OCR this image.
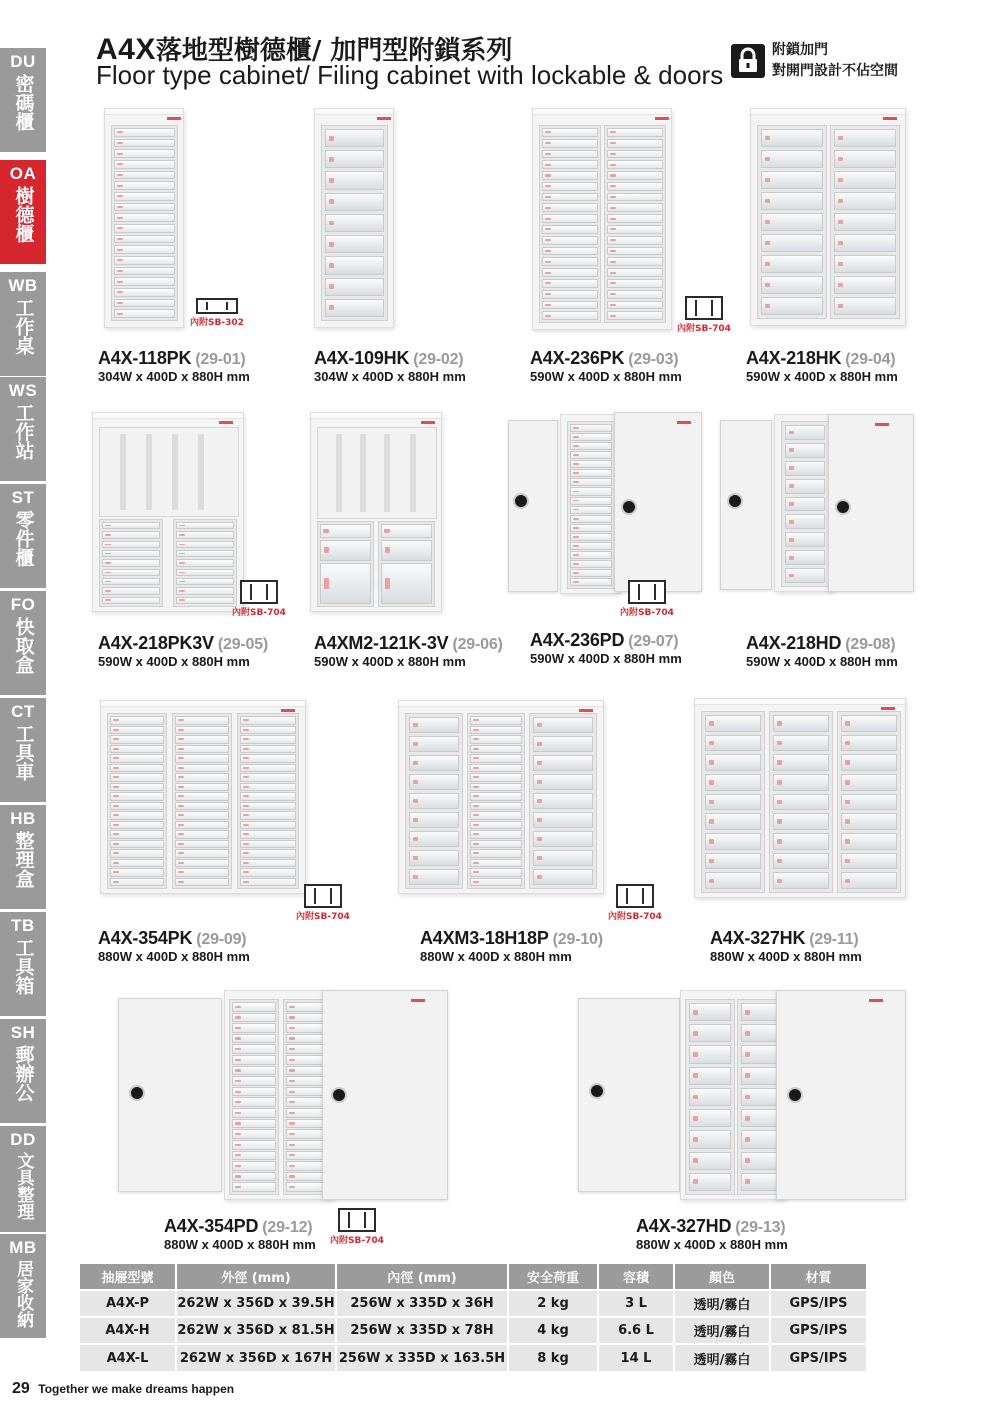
DU
密碼櫃
OA
樹德櫃
WB
工作桌
WS
工作站
ST
零件櫃
FO
快取盒
CT
工具車
HB
整理盒
TB
工具箱
SH
郵辦公
DD
文具整理
MB
居家收納
A4X落地型樹德櫃/ 加門型附鎖系列
Floor type cabinet/ Filing cabinet with lockable & doors
附鎖加門
對開門設計不佔空間
內附SB-302
A4X-118PK (29-01)
304W x 400D x 880H mm
A4X-109HK (29-02)
304W x 400D x 880H mm
內附SB-704
A4X-236PK (29-03)
590W x 400D x 880H mm
A4X-218HK (29-04)
590W x 400D x 880H mm
內附SB-704
A4X-218PK3V (29-05)
590W x 400D x 880H mm
A4XM2-121K-3V (29-06)
590W x 400D x 880H mm
內附SB-704
A4X-236PD (29-07)
590W x 400D x 880H mm
A4X-218HD (29-08)
590W x 400D x 880H mm
內附SB-704
A4X-354PK (29-09)
880W x 400D x 880H mm
內附SB-704
A4XM3-18H18P (29-10)
880W x 400D x 880H mm
A4X-327HK (29-11)
880W x 400D x 880H mm
A4X-354PD (29-12)
880W x 400D x 880H mm 內附SB-704
A4X-327HD (29-13)
880W x 400D x 880H mm
抽屜型號	外徑 (mm)	內徑 (mm)	安全荷重	容積	顏色	材質
A4X-P	262W x 356D x 39.5H	256W x 335D x 36H	2 kg	3 L	透明/霧白	GPS/IPS
A4X-H	262W x 356D x 81.5H	256W x 335D x 78H	4 kg	6.6 L	透明/霧白	GPS/IPS
A4X-L	262W x 356D x 167H	256W x 335D x 163.5H	8 kg	14 L	透明/霧白	GPS/IPS
29 Together we make dreams happen
